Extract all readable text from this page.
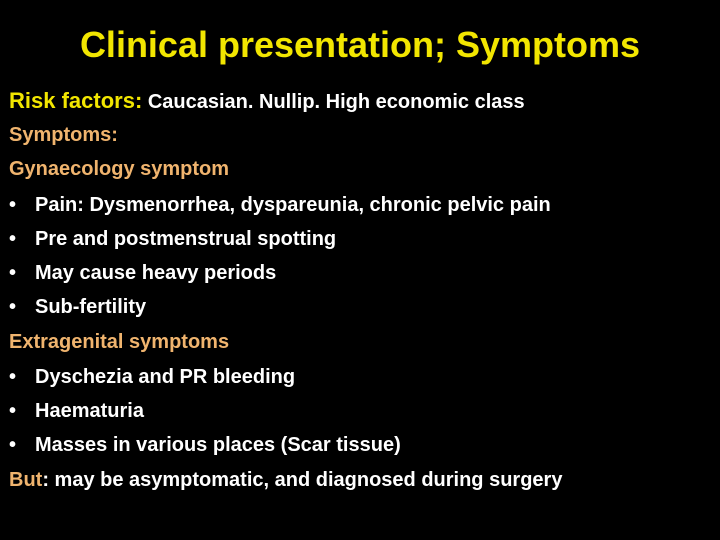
Clinical presentation; Symptoms
Risk factors: Caucasian. Nullip. High economic class
Symptoms:
Gynaecology symptom
• Pain: Dysmenorrhea, dyspareunia, chronic pelvic pain
• Pre and postmenstrual spotting
• May cause heavy periods
• Sub-fertility
Extragenital symptoms
• Dyschezia and PR bleeding
• Haematuria
• Masses in various places (Scar tissue)
But: may be asymptomatic, and diagnosed during surgery
